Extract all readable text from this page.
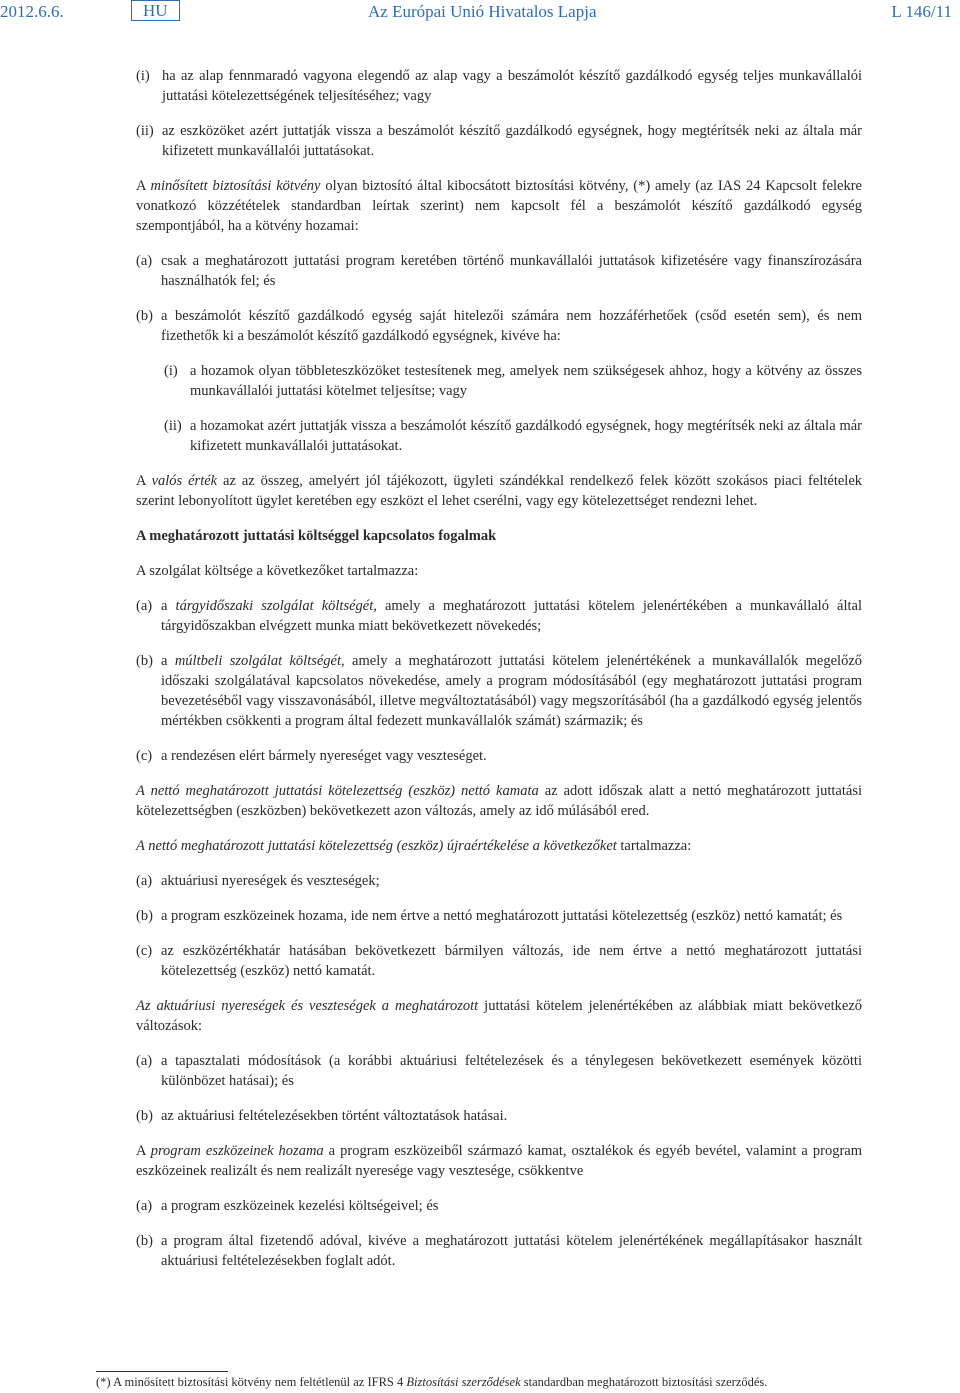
2012.6.6.	HU	Az Európai Unió Hivatalos Lapja	L 146/11
(i) ha az alap fennmaradó vagyona elegendő az alap vagy a beszámolót készítő gazdálkodó egység teljes munkavállalói juttatási kötelezettségének teljesítéséhez; vagy
(ii) az eszközöket azért juttatják vissza a beszámolót készítő gazdálkodó egységnek, hogy megtérítsék neki az általa már kifizetett munkavállalói juttatásokat.

A minősített biztosítási kötvény olyan biztosító által kibocsátott biztosítási kötvény, (*) amely (az IAS 24 Kapcsolt felekre vonatkozó közzétételek standardban leírtak szerint) nem kapcsolt fél a beszámolót készítő gazdálkodó egység szempontjából, ha a kötvény hozamai:

(a) csak a meghatározott juttatási program keretében történő munkavállalói juttatások kifizetésére vagy finanszírozására használhatók fel; és
(b) a beszámolót készítő gazdálkodó egység saját hitelezői számára nem hozzáférhetőek (csőd esetén sem), és nem fizethetők ki a beszámolót készítő gazdálkodó egységnek, kivéve ha:
(i) a hozamok olyan többleteszközöket testesítenek meg, amelyek nem szükségesek ahhoz, hogy a kötvény az összes munkavállalói juttatási kötelmet teljesítse; vagy
(ii) a hozamokat azért juttatják vissza a beszámolót készítő gazdálkodó egységnek, hogy megtérítsék neki az általa már kifizetett munkavállalói juttatásokat.

A valós érték az az összeg, amelyért jól tájékozott, ügyleti szándékkal rendelkező felek között szokásos piaci feltételek szerint lebonyolított ügylet keretében egy eszközt el lehet cserélni, vagy egy kötelezettséget rendezni lehet.

A meghatározott juttatási költséggel kapcsolatos fogalmak

A szolgálat költsége a következőket tartalmazza:

(a) a tárgyidőszaki szolgálat költségét, amely a meghatározott juttatási kötelem jelenértékében a munkavállaló által tárgyidőszakban elvégzett munka miatt bekövetkezett növekedés;
(b) a múltbeli szolgálat költségét, amely a meghatározott juttatási kötelem jelenértékének a munkavállalók megelőző időszaki szolgálatával kapcsolatos növekedése, amely a program módosításából (egy meghatározott juttatási program bevezetéséből vagy visszavonásából, illetve megváltoztatásából) vagy megszorításából (ha a gazdálkodó egység jelentős mértékben csökkenti a program által fedezett munkavállalók számát) származik; és
(c) a rendezésen elért bármely nyereséget vagy veszteséget.

A nettó meghatározott juttatási kötelezettség (eszköz) nettó kamata az adott időszak alatt a nettó meghatározott juttatási kötelezettségben (eszközben) bekövetkezett azon változás, amely az idő múlásából ered.

A nettó meghatározott juttatási kötelezettség (eszköz) újraértékelése a következőket tartalmazza:

(a) aktuáriusi nyereségek és veszteségek;
(b) a program eszközeinek hozama, ide nem értve a nettó meghatározott juttatási kötelezettség (eszköz) nettó kamatát; és
(c) az eszközértékhatár hatásában bekövetkezett bármilyen változás, ide nem értve a nettó meghatározott juttatási kötelezettség (eszköz) nettó kamatát.

Az aktuáriusi nyereségek és veszteségek a meghatározott juttatási kötelem jelenértékében az alábbiak miatt bekövetkező változások:

(a) a tapasztalati módosítások (a korábbi aktuáriusi feltételezések és a ténylegesen bekövetkezett események közötti különbözet hatásai); és
(b) az aktuáriusi feltételezésekben történt változtatások hatásai.

A program eszközeinek hozama a program eszközeiből származó kamat, osztalékok és egyéb bevétel, valamint a program eszközeinek realizált és nem realizált nyeresége vagy vesztesége, csökkentve

(a) a program eszközeinek kezelési költségeivel; és
(b) a program által fizetendő adóval, kivéve a meghatározott juttatási kötelem jelenértékének megállapításakor használt aktuáriusi feltételezésekben foglalt adót.
(*) A minősített biztosítási kötvény nem feltétlenül az IFRS 4 Biztosítási szerződések standardban meghatározott biztosítási szerződés.
